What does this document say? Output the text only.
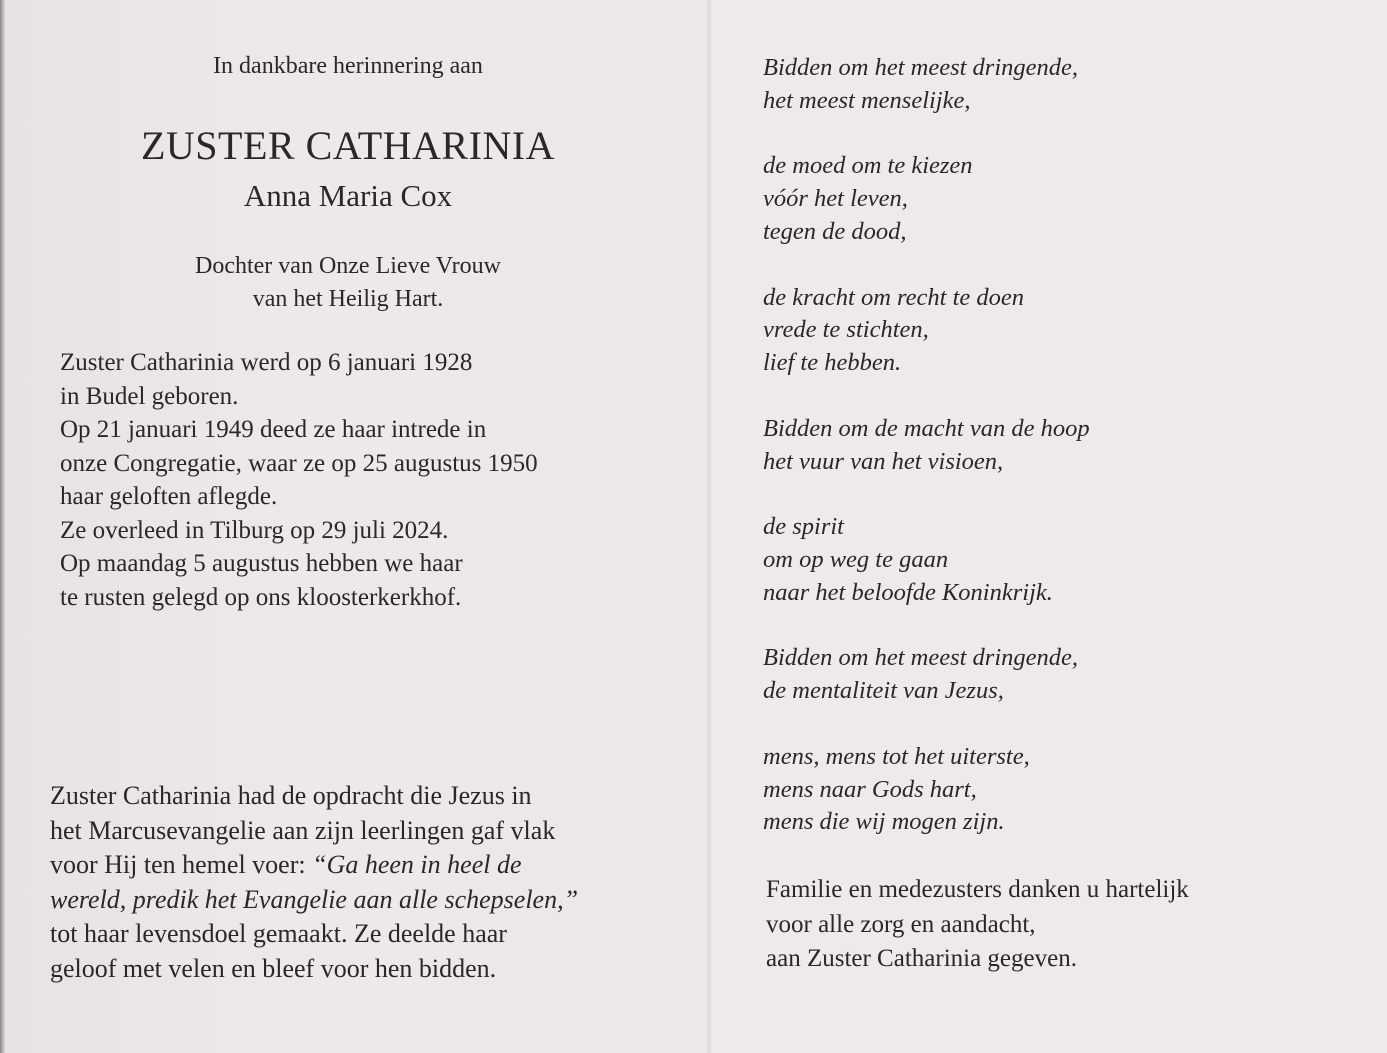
In dankbare herinnering aan
ZUSTER CATHARINIA
Anna Maria Cox
Dochter van Onze Lieve Vrouw
van het Heilig Hart.
Zuster Catharinia werd op 6 januari 1928
in Budel geboren.
Op 21 januari 1949 deed ze haar intrede in
onze Congregatie, waar ze op 25 augustus 1950
haar geloften aflegde.
Ze overleed in Tilburg op 29 juli 2024.
Op maandag 5 augustus hebben we haar
te rusten gelegd op ons kloosterkerkhof.
Zuster Catharinia had de opdracht die Jezus in
het Marcusevangelie aan zijn leerlingen gaf vlak
voor Hij ten hemel voer: “Ga heen in heel de
wereld, predik het Evangelie aan alle schepselen,”
tot haar levensdoel gemaakt. Ze deelde haar
geloof met velen en bleef voor hen bidden.
Bidden om het meest dringende,
het meest menselijke,
de moed om te kiezen
vóór het leven,
tegen de dood,
de kracht om recht te doen
vrede te stichten,
lief te hebben.
Bidden om de macht van de hoop
het vuur van het visioen,
de spirit
om op weg te gaan
naar het beloofde Koninkrijk.
Bidden om het meest dringende,
de mentaliteit van Jezus,
mens, mens tot het uiterste,
mens naar Gods hart,
mens die wij mogen zijn.
Familie en medezusters danken u hartelijk
voor alle zorg en aandacht,
aan Zuster Catharinia gegeven.
